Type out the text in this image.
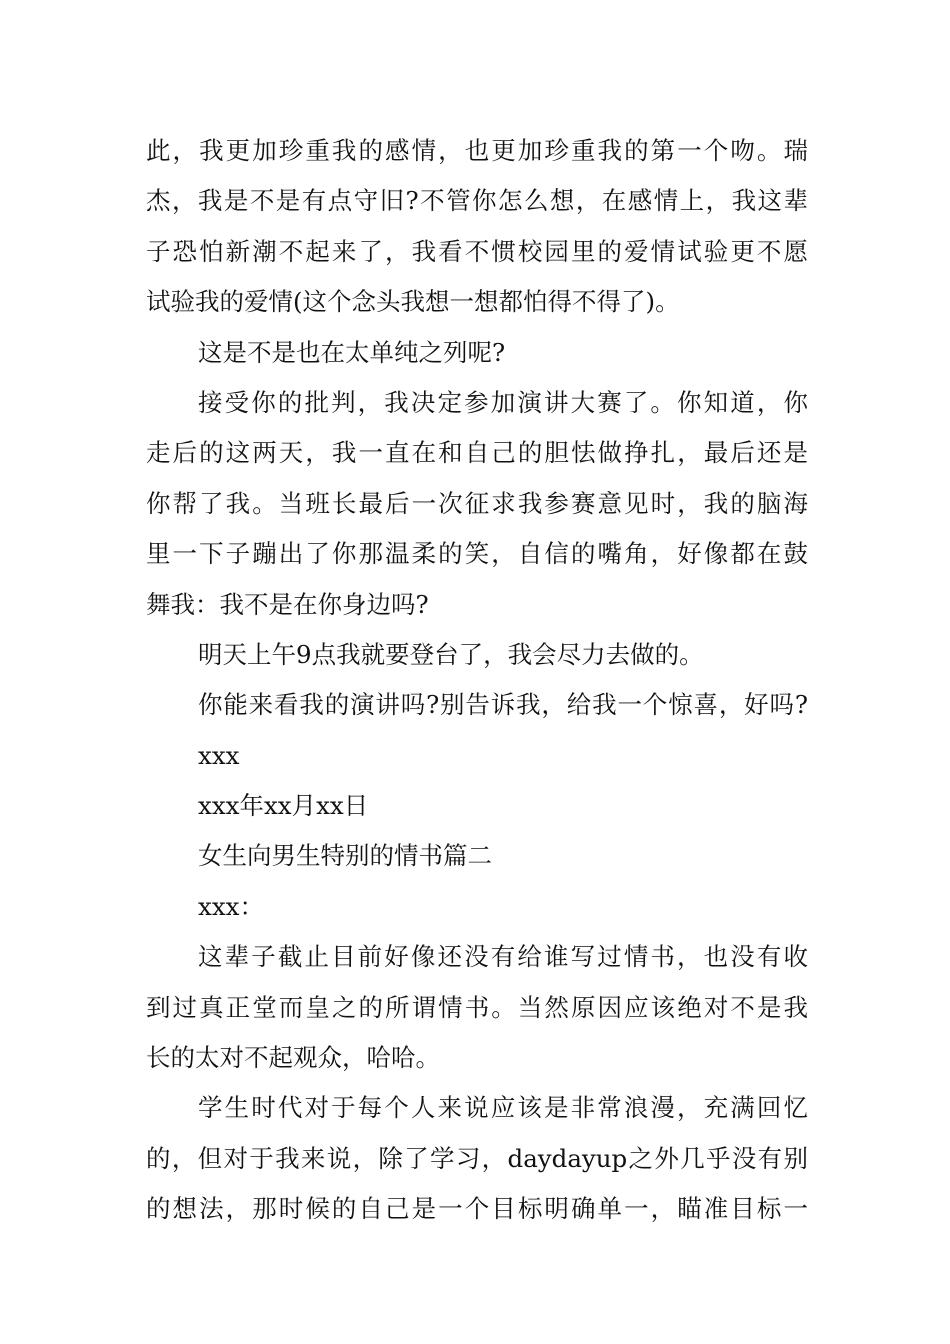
此，我更加珍重我的感情，也更加珍重我的第一个吻。瑞
杰，我是不是有点守旧?不管你怎么想，在感情上，我这辈
子恐怕新潮不起来了，我看不惯校园里的爱情试验更不愿
试验我的爱情(这个念头我想一想都怕得不得了)。
这是不是也在太单纯之列呢?
接受你的批判，我决定参加演讲大赛了。你知道，你
走后的这两天，我一直在和自己的胆怯做挣扎，最后还是
你帮了我。当班长最后一次征求我参赛意见时，我的脑海
里一下子蹦出了你那温柔的笑，自信的嘴角，好像都在鼓
舞我：我不是在你身边吗?
明天上午9点我就要登台了，我会尽力去做的。
你能来看我的演讲吗?别告诉我，给我一个惊喜，好吗?
xxx
xxx年xx月xx日
女生向男生特别的情书篇二
xxx：
这辈子截止目前好像还没有给谁写过情书，也没有收
到过真正堂而皇之的所谓情书。当然原因应该绝对不是我
长的太对不起观众，哈哈。
学生时代对于每个人来说应该是非常浪漫，充满回忆
的，但对于我来说，除了学习，daydayup之外几乎没有别
的想法，那时候的自己是一个目标明确单一，瞄准目标一
